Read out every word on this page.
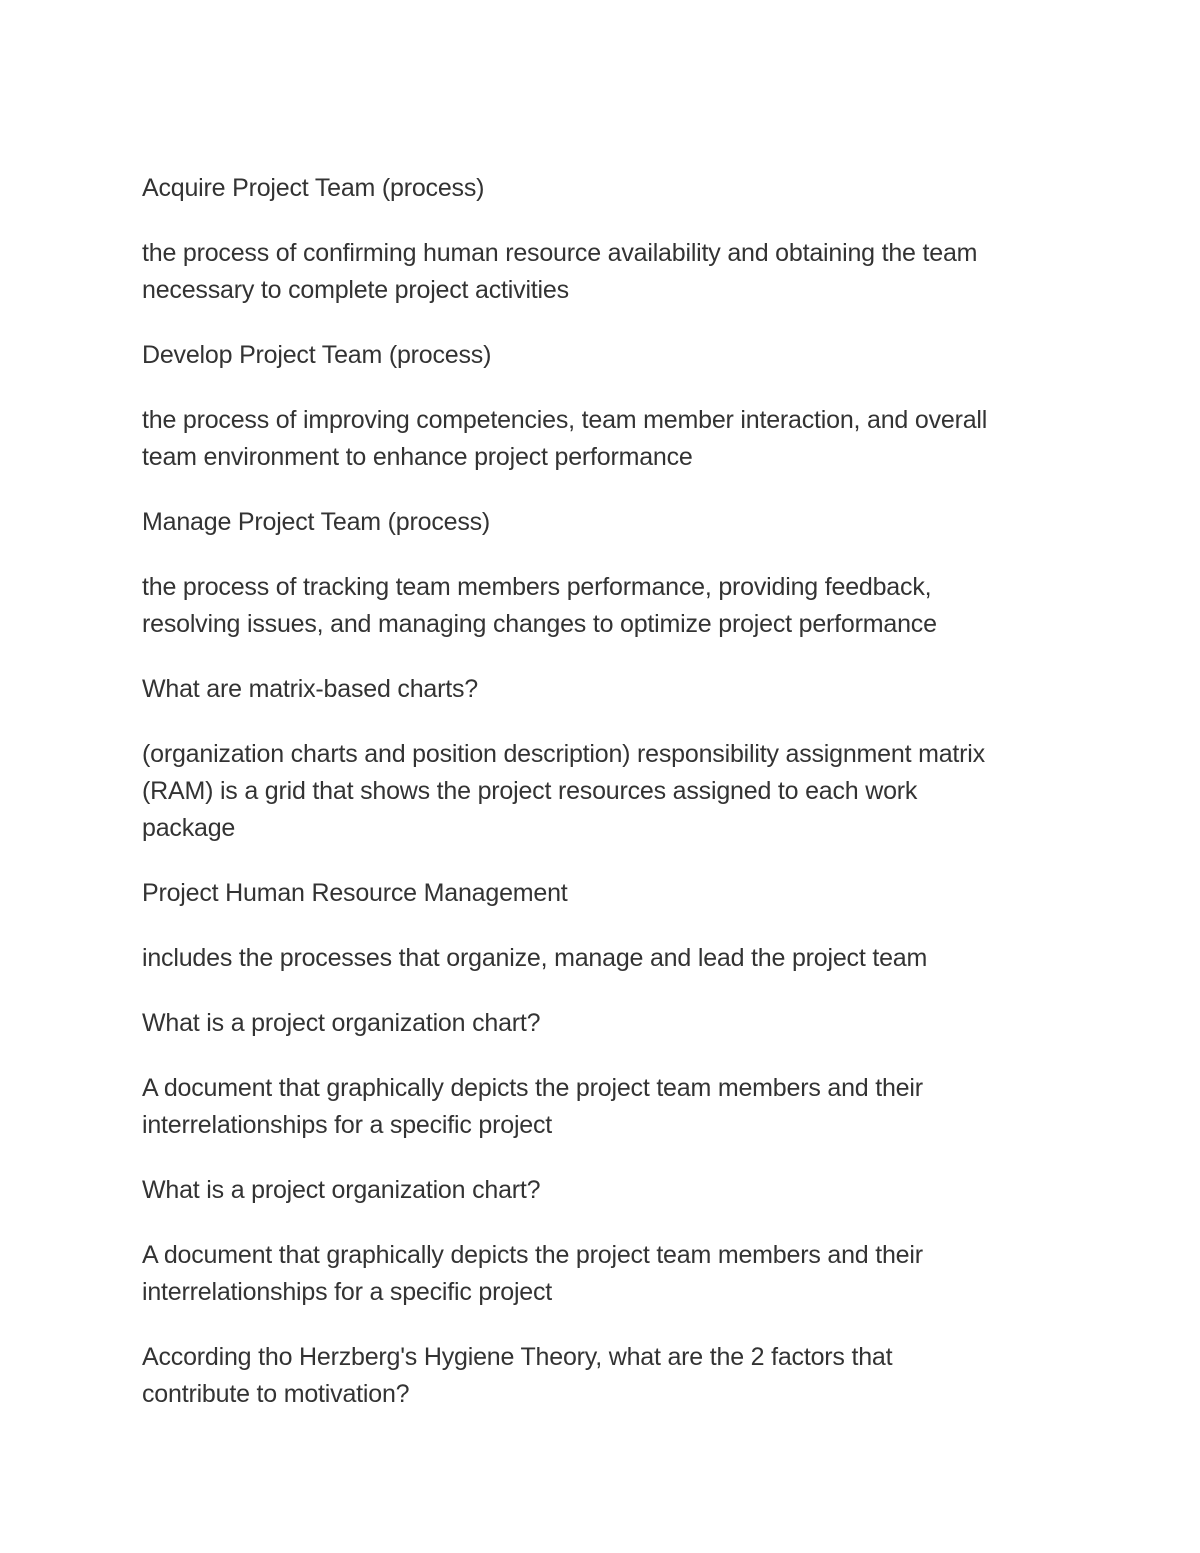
Acquire Project Team (process)

the process of confirming human resource availability and obtaining the team
necessary to complete project activities

Develop Project Team (process)

the process of improving competencies, team member interaction, and overall
team environment to enhance project performance

Manage Project Team (process)

the process of tracking team members performance, providing feedback,
resolving issues, and managing changes to optimize project performance

What are matrix-based charts?

(organization charts and position description) responsibility assignment matrix
(RAM) is a grid that shows the project resources assigned to each work
package

Project Human Resource Management

includes the processes that organize, manage and lead the project team

What is a project organization chart?

A document that graphically depicts the project team members and their
interrelationships for a specific project

What is a project organization chart?

A document that graphically depicts the project team members and their
interrelationships for a specific project

According tho Herzberg's Hygiene Theory, what are the 2 factors that
contribute to motivation?
